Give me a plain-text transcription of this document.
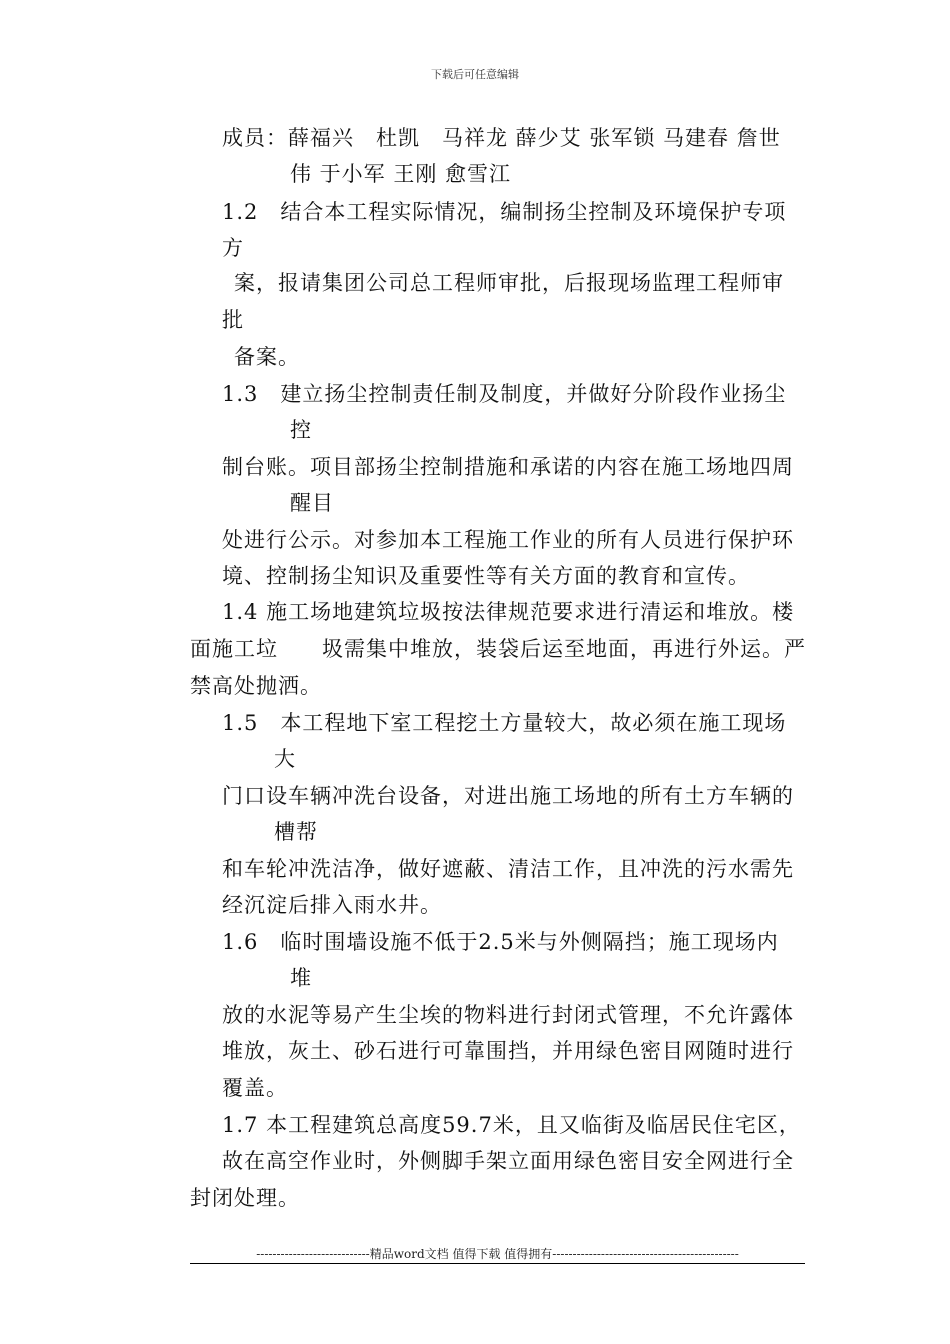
下载后可任意编辑
成员：薛福兴　杜凯　马祥龙 薛少艾 张军锁 马建春 詹世
伟 于小军 王刚 愈雪江
1.2　结合本工程实际情况，编制扬尘控制及环境保护专项
方
案，报请集团公司总工程师审批，后报现场监理工程师审
批
备案。
1.3　建立扬尘控制责任制及制度，并做好分阶段作业扬尘
控
制台账。项目部扬尘控制措施和承诺的内容在施工场地四周
醒目
处进行公示。对参加本工程施工作业的所有人员进行保护环
境、控制扬尘知识及重要性等有关方面的教育和宣传。
1.4 施工场地建筑垃圾按法律规范要求进行清运和堆放。楼
面施工垃　　圾需集中堆放，装袋后运至地面，再进行外运。严
禁高处抛洒。
1.5　本工程地下室工程挖土方量较大，故必须在施工现场
大
门口设车辆冲洗台设备，对进出施工场地的所有土方车辆的
槽帮
和车轮冲洗洁净，做好遮蔽、清洁工作，且冲洗的污水需先
经沉淀后排入雨水井。
1.6　临时围墙设施不低于2.5米与外侧隔挡；施工现场内
堆
放的水泥等易产生尘埃的物料进行封闭式管理，不允许露体
堆放，灰土、砂石进行可靠围挡，并用绿色密目网随时进行
覆盖。
1.7 本工程建筑总高度59.7米，且又临街及临居民住宅区，
故在高空作业时，外侧脚手架立面用绿色密目安全网进行全
封闭处理。
----------------------------精品word文档 值得下载 值得拥有----------------------------------------------
